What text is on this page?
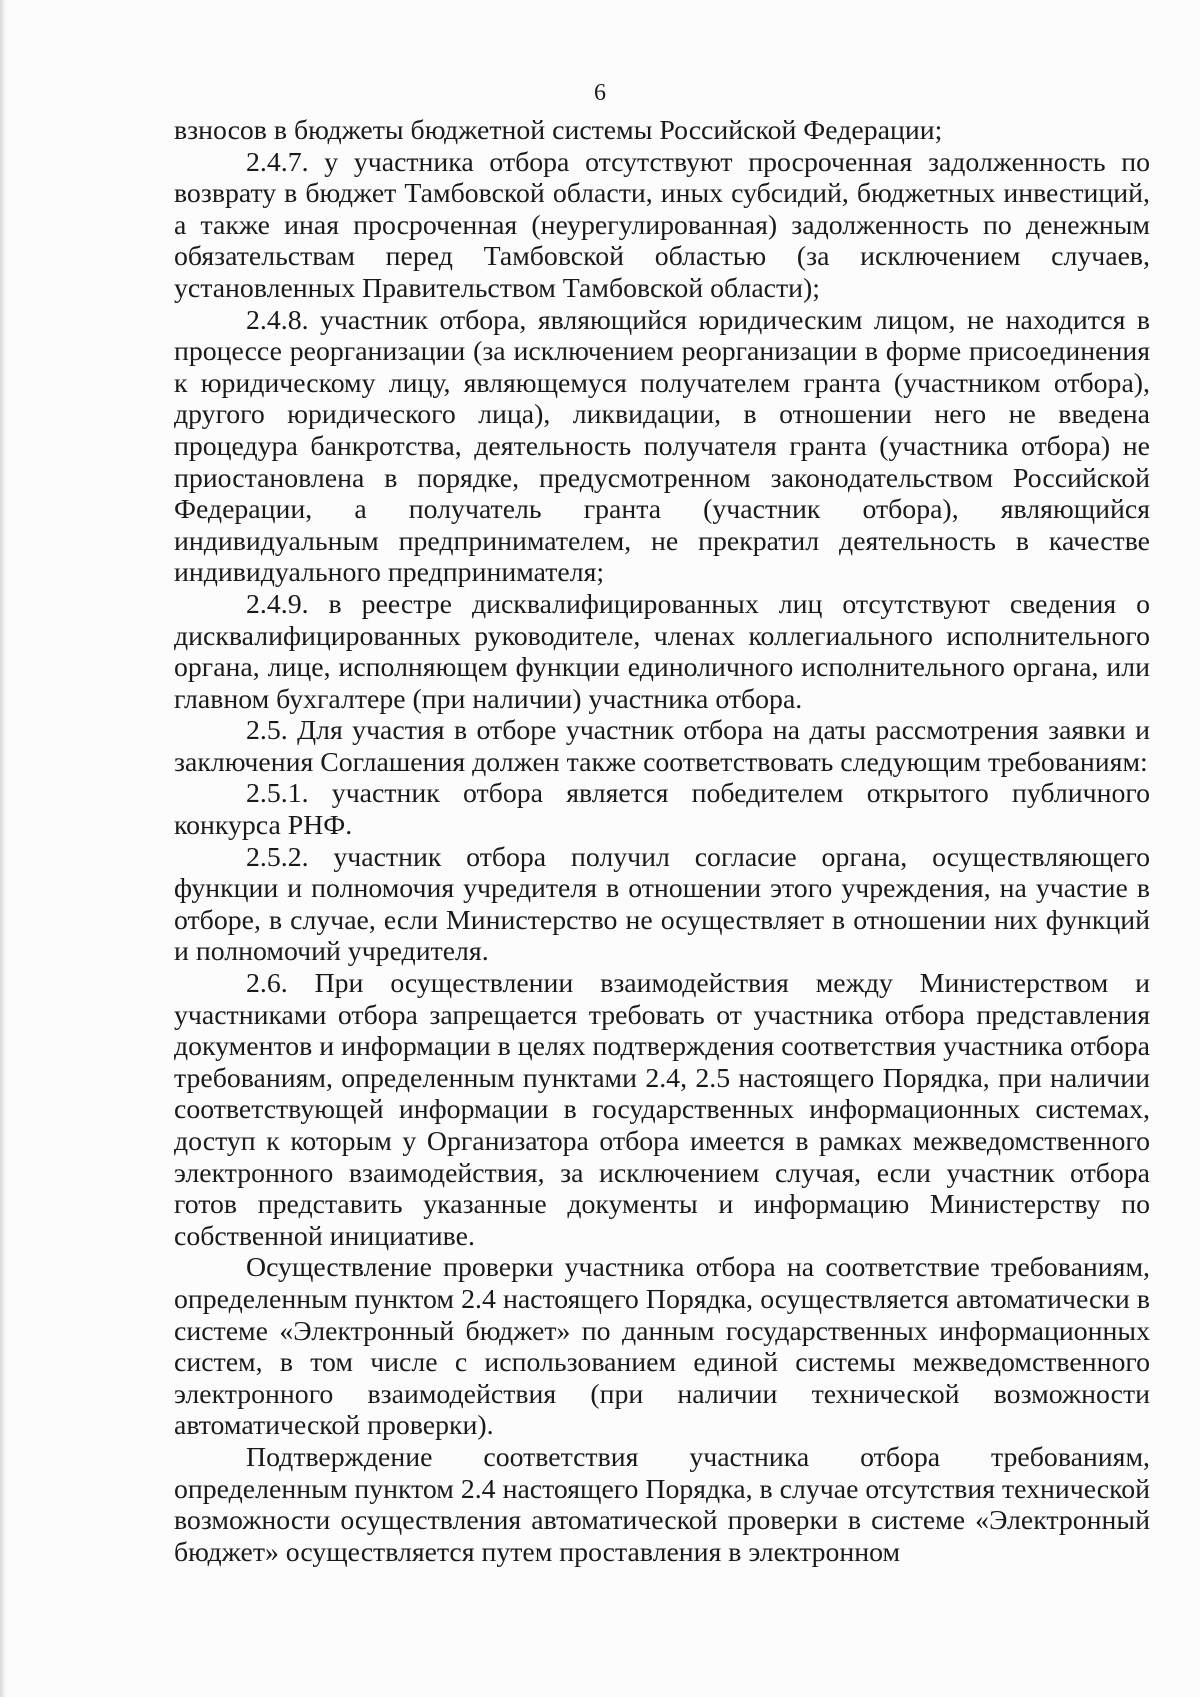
6

взносов в бюджеты бюджетной системы Российской Федерации;

2.4.7. у участника отбора отсутствуют просроченная задолженность по возврату в бюджет Тамбовской области, иных субсидий, бюджетных инвестиций, а также иная просроченная (неурегулированная) задолженность по денежным обязательствам перед Тамбовской областью (за исключением случаев, установленных Правительством Тамбовской области);

2.4.8. участник отбора, являющийся юридическим лицом, не находится в процессе реорганизации (за исключением реорганизации в форме присоединения к юридическому лицу, являющемуся получателем гранта (участником отбора), другого юридического лица), ликвидации, в отношении него не введена процедура банкротства, деятельность получателя гранта (участника отбора) не приостановлена в порядке, предусмотренном законодательством Российской Федерации, а получатель гранта (участник отбора), являющийся индивидуальным предпринимателем, не прекратил деятельность в качестве индивидуального предпринимателя;

2.4.9. в реестре дисквалифицированных лиц отсутствуют сведения о дисквалифицированных руководителе, членах коллегиального исполнительного органа, лице, исполняющем функции единоличного исполнительного органа, или главном бухгалтере (при наличии) участника отбора.

2.5. Для участия в отборе участник отбора на даты рассмотрения заявки и заключения Соглашения должен также соответствовать следующим требованиям:

2.5.1. участник отбора является победителем открытого публичного конкурса РНФ.

2.5.2. участник отбора получил согласие органа, осуществляющего функции и полномочия учредителя в отношении этого учреждения, на участие в отборе, в случае, если Министерство не осуществляет в отношении них функций и полномочий учредителя.

2.6. При осуществлении взаимодействия между Министерством и участниками отбора запрещается требовать от участника отбора представления документов и информации в целях подтверждения соответствия участника отбора требованиям, определенным пунктами 2.4, 2.5 настоящего Порядка, при наличии соответствующей информации в государственных информационных системах, доступ к которым у Организатора отбора имеется в рамках межведомственного электронного взаимодействия, за исключением случая, если участник отбора готов представить указанные документы и информацию Министерству по собственной инициативе.

Осуществление проверки участника отбора на соответствие требованиям, определенным пунктом 2.4 настоящего Порядка, осуществляется автоматически в системе «Электронный бюджет» по данным государственных информационных систем, в том числе с использованием единой системы межведомственного электронного взаимодействия (при наличии технической возможности автоматической проверки).

Подтверждение соответствия участника отбора требованиям, определенным пунктом 2.4 настоящего Порядка, в случае отсутствия технической возможности осуществления автоматической проверки в системе «Электронный бюджет» осуществляется путем проставления в электронном
